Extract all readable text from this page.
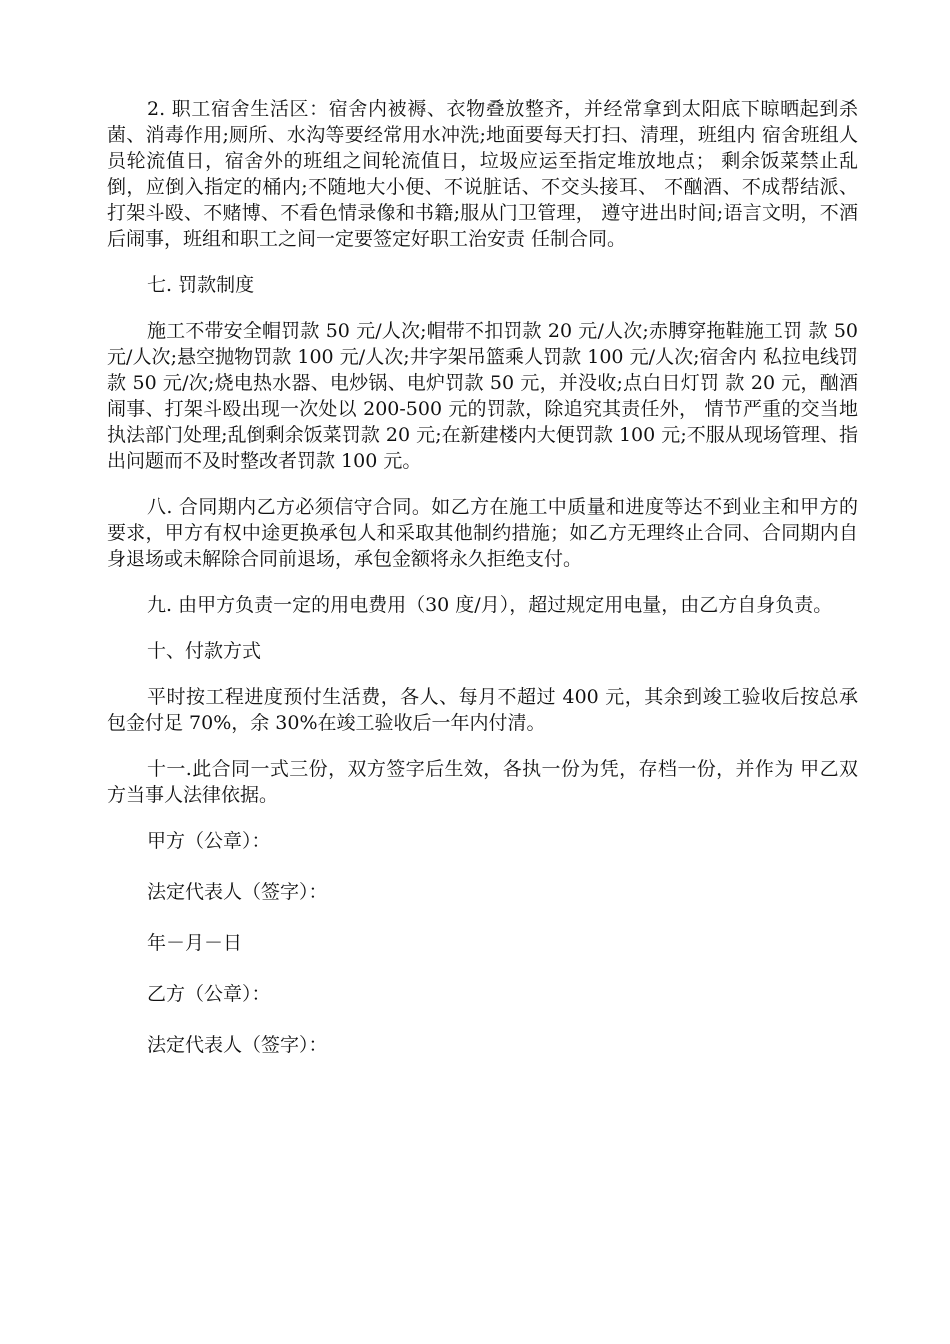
2. 职工宿舍生活区：宿舍内被褥、衣物叠放整齐，并经常拿到太阳底下晾晒起到杀菌、消毒作用;厕所、水沟等要经常用水冲洗;地面要每天打扫、清理，班组内 宿舍班组人员轮流值日，宿舍外的班组之间轮流值日，垃圾应运至指定堆放地点； 剩余饭菜禁止乱倒，应倒入指定的桶内;不随地大小便、不说脏话、不交头接耳、 不酗酒、不成帮结派、打架斗殴、不赌博、不看色情录像和书籍;服从门卫管理， 遵守进出时间;语言文明，不酒后闹事，班组和职工之间一定要签定好职工治安责 任制合同。

七. 罚款制度

施工不带安全帽罚款 50 元/人次;帽带不扣罚款 20 元/人次;赤膊穿拖鞋施工罚 款 50 元/人次;悬空抛物罚款 100 元/人次;井字架吊篮乘人罚款 100 元/人次;宿舍内 私拉电线罚款 50 元/次;烧电热水器、电炒锅、电炉罚款 50 元，并没收;点白日灯罚 款 20 元，酗酒闹事、打架斗殴出现一次处以 200-500 元的罚款，除追究其责任外， 情节严重的交当地执法部门处理;乱倒剩余饭菜罚款 20 元;在新建楼内大便罚款 100 元;不服从现场管理、指出问题而不及时整改者罚款 100 元。

八. 合同期内乙方必须信守合同。如乙方在施工中质量和进度等达不到业主和甲方的要求，甲方有权中途更换承包人和采取其他制约措施；如乙方无理终止合同、合同期内自身退场或未解除合同前退场，承包金额将永久拒绝支付。

九. 由甲方负责一定的用电费用（30 度/月），超过规定用电量，由乙方自身负责。

十、付款方式

平时按工程进度预付生活费，各人、每月不超过 400 元，其余到竣工验收后按总承包金付足 70%，余 30%在竣工验收后一年内付清。

十一.此合同一式三份，双方签字后生效，各执一份为凭，存档一份，并作为 甲乙双方当事人法律依据。

甲方（公章）：

法定代表人（签字）：

年－月－日

乙方（公章）：

法定代表人（签字）：
